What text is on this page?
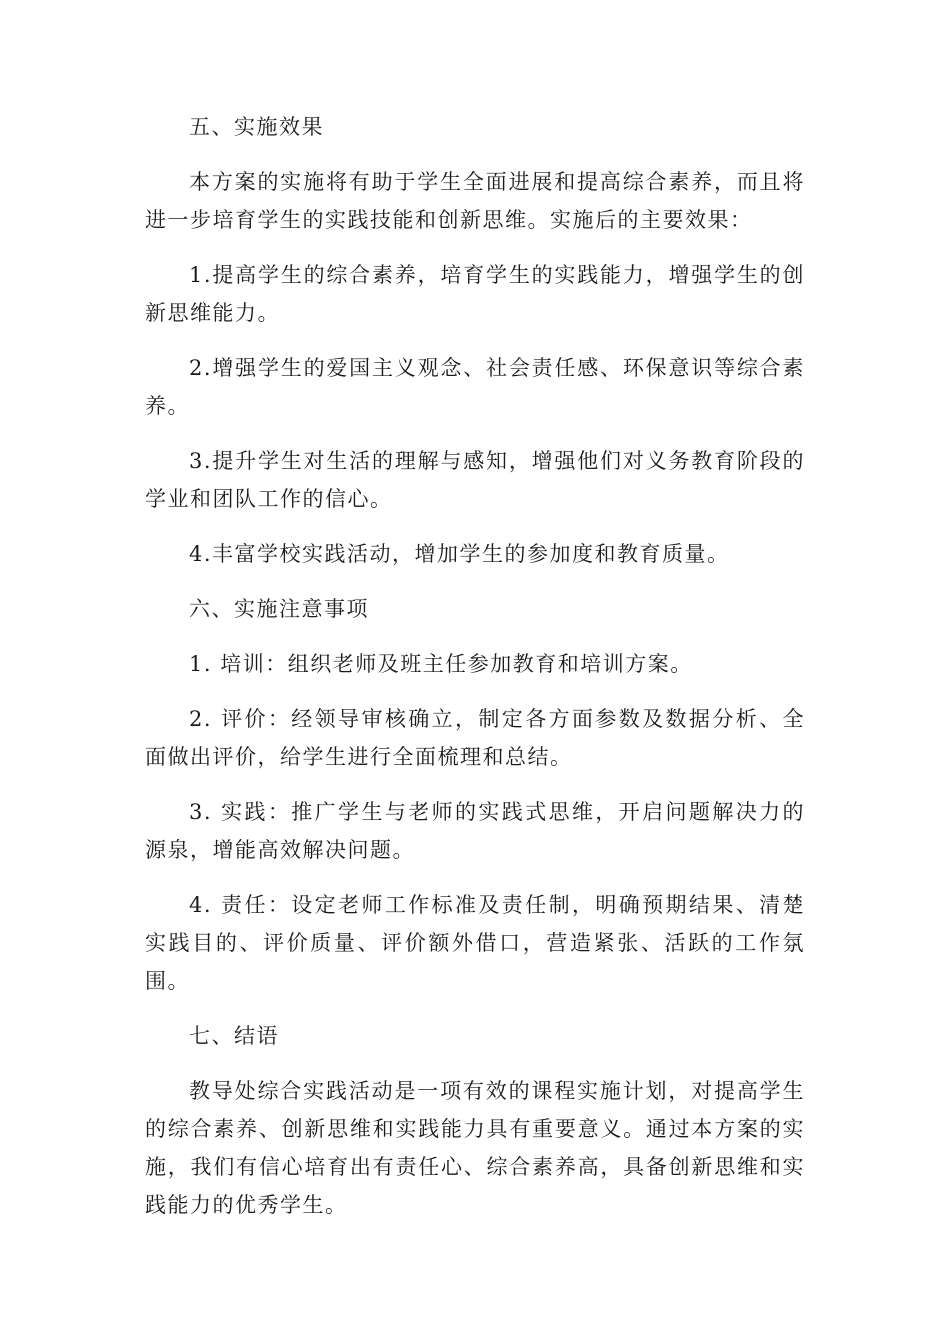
五、实施效果

本方案的实施将有助于学生全面进展和提高综合素养，而且将进一步培育学生的实践技能和创新思维。实施后的主要效果：

1.提高学生的综合素养，培育学生的实践能力，增强学生的创新思维能力。

2.增强学生的爱国主义观念、社会责任感、环保意识等综合素养。

3.提升学生对生活的理解与感知，增强他们对义务教育阶段的学业和团队工作的信心。

4.丰富学校实践活动，增加学生的参加度和教育质量。

六、实施注意事项

1. 培训：组织老师及班主任参加教育和培训方案。

2. 评价：经领导审核确立，制定各方面参数及数据分析、全面做出评价，给学生进行全面梳理和总结。

3. 实践：推广学生与老师的实践式思维，开启问题解决力的源泉，增能高效解决问题。

4. 责任：设定老师工作标准及责任制，明确预期结果、清楚实践目的、评价质量、评价额外借口，营造紧张、活跃的工作氛围。

七、结语

教导处综合实践活动是一项有效的课程实施计划，对提高学生的综合素养、创新思维和实践能力具有重要意义。通过本方案的实施，我们有信心培育出有责任心、综合素养高，具备创新思维和实践能力的优秀学生。
